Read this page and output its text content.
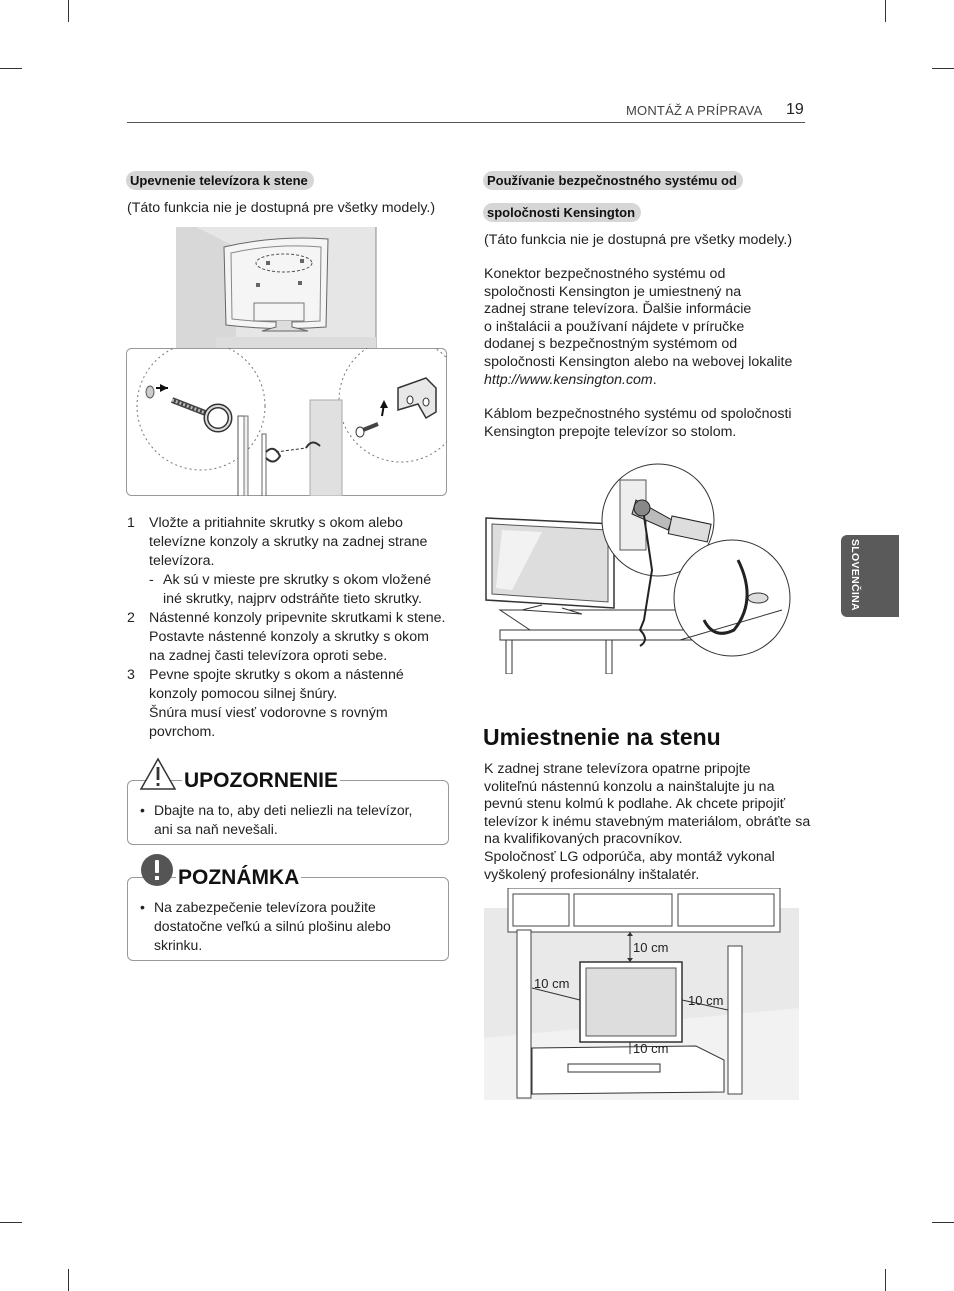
MONTÁŽ A PRÍPRAVA 19
SLOVENČINA
Upevnenie televízora k stene
(Táto funkcia nie je dostupná pre všetky modely.)
1 Vložte a pritiahnite skrutky s okom alebo
televízne konzoly a skrutky na zadnej strane
televízora.
- Ak sú v mieste pre skrutky s okom vložené
iné skrutky, najprv odstráňte tieto skrutky.
2 Nástenné konzoly pripevnite skrutkami k stene.
Postavte nástenné konzoly a skrutky s okom
na zadnej časti televízora oproti sebe.
3 Pevne spojte skrutky s okom a nástenné
konzoly pomocou silnej šnúry.
Šnúra musí viesť vodorovne s rovným
povrchom.
UPOZORNENIE
• Dbajte na to, aby deti neliezli na televízor,
ani sa naň nevešali.
POZNÁMKA
• Na zabezpečenie televízora použite
dostatočne veľkú a silnú plošinu alebo
skrinku.
Používanie bezpečnostného systému od
spoločnosti Kensington
(Táto funkcia nie je dostupná pre všetky modely.)
Konektor bezpečnostného systému od
spoločnosti Kensington je umiestnený na
zadnej strane televízora. Ďalšie informácie
o inštalácii a používaní nájdete v príručke
dodanej s bezpečnostným systémom od
spoločnosti Kensington alebo na webovej lokalite
http://www.kensington.com.
Káblom bezpečnostného systému od spoločnosti
Kensington prepojte televízor so stolom.
Umiestnenie na stenu
K zadnej strane televízora opatrne pripojte
voliteľnú nástennú konzolu a nainštalujte ju na
pevnú stenu kolmú k podlahe. Ak chcete pripojiť
televízor k inému stavebným materiálom, obráťte sa
na kvalifikovaných pracovníkov.
Spoločnosť LG odporúča, aby montáž vykonal
vyškolený profesionálny inštalatér.
10 cm
10 cm
10 cm
10 cm
